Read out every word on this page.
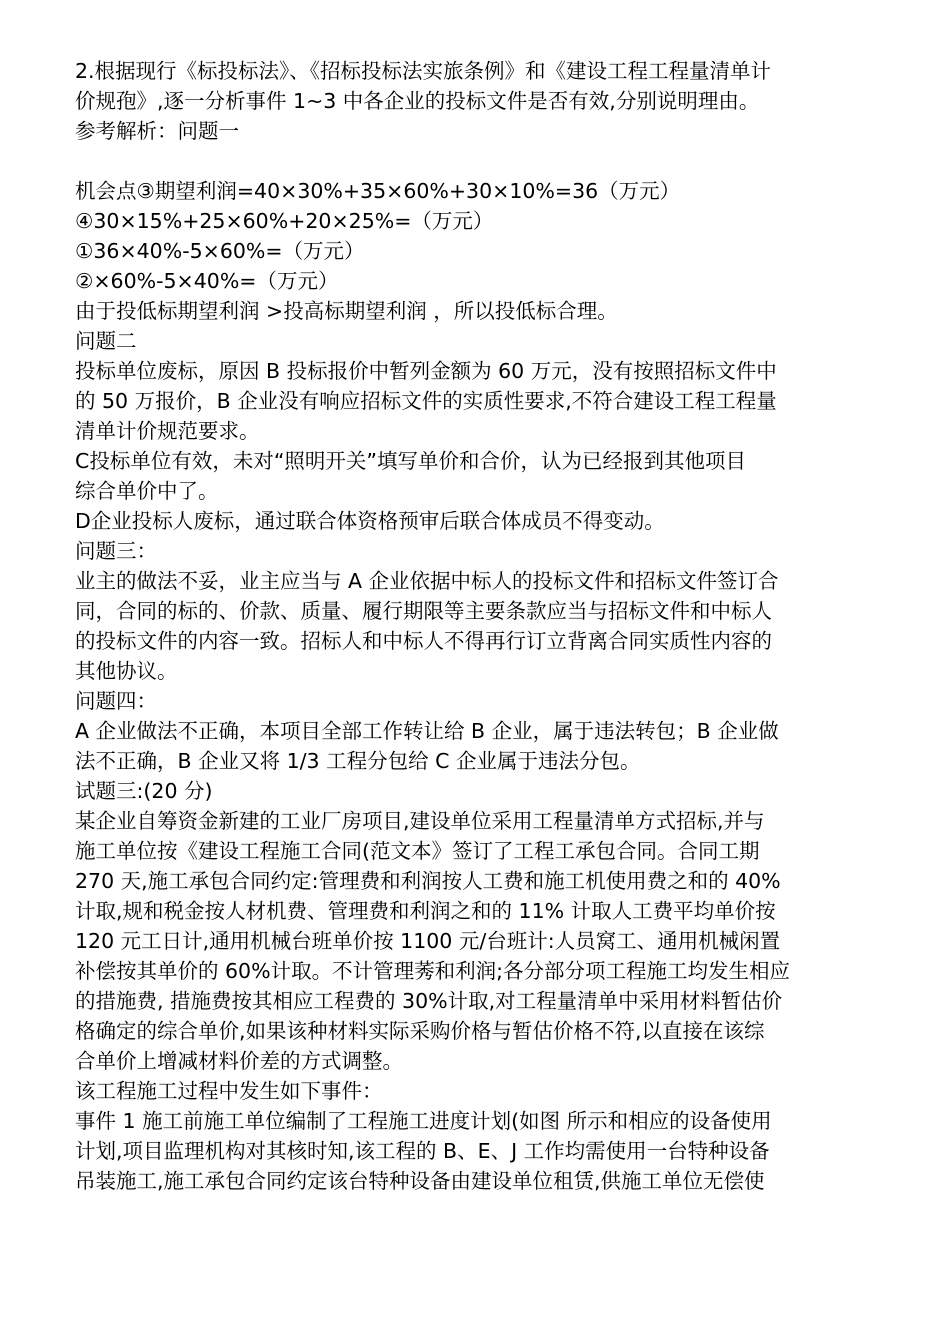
2.根据现行《标投标法》、《招标投标法实旅条例》和《建设工程工程量清单计
价规孢》,逐一分析事件 1~3 中各企业的投标文件是否有效,分别说明理由。
参考解析：问题一
机会点③期望利润=40×30%+35×60%+30×10%=36（万元）
④30×15%+25×60%+20×25%=（万元）
①36×40%-5×60%=（万元）
②×60%-5×40%=（万元）
由于投低标期望利润 >投高标期望利润 ，所以投低标合理。
问题二
投标单位废标，原因 B 投标报价中暂列金额为 60 万元，没有按照招标文件中
的 50 万报价，B 企业没有响应招标文件的实质性要求,不符合建设工程工程量
清单计价规范要求。
C投标单位有效，未对“照明开关”填写单价和合价，认为已经报到其他项目
综合单价中了。
D企业投标人废标，通过联合体资格预审后联合体成员不得变动。
问题三：
业主的做法不妥，业主应当与 A 企业依据中标人的投标文件和招标文件签订合
同，合同的标的、价款、质量、履行期限等主要条款应当与招标文件和中标人
的投标文件的内容一致。招标人和中标人不得再行订立背离合同实质性内容的
其他协议。
问题四：
A 企业做法不正确，本项目全部工作转让给 B 企业，属于违法转包；B 企业做
法不正确，B 企业又将 1/3 工程分包给 C 企业属于违法分包。
试题三:(20 分)
某企业自筹资金新建的工业厂房项目,建设单位采用工程量清单方式招标,并与
施工单位按《建设工程施工合同(范文本》签订了工程工承包合同。合同工期
270 天,施工承包合同约定:管理费和利润按人工费和施工机使用费之和的 40%
计取,规和税金按人材机费、管理费和利润之和的 11% 计取人工费平均单价按
120 元工日计,通用机械台班单价按 1100 元/台班计:人员窝工、通用机械闲置
补偿按其单价的 60%计取。不计管理莠和利润;各分部分项工程施工均发生相应
的措施费, 措施费按其相应工程费的 30%计取,对工程量清单中采用材料暂估价
格确定的综合单价,如果该种材料实际采购价格与暂估价格不符,以直接在该综
合单价上增减材料价差的方式调整。
该工程施工过程中发生如下事件：
事件 1 施工前施工单位编制了工程施工进度计划(如图 所示和相应的设备使用
计划,项目监理机构对其核时知,该工程的 B、E、J 工作均需使用一台特种设备
吊装施工,施工承包合同约定该台特种设备由建设单位租赁,供施工单位无偿使
